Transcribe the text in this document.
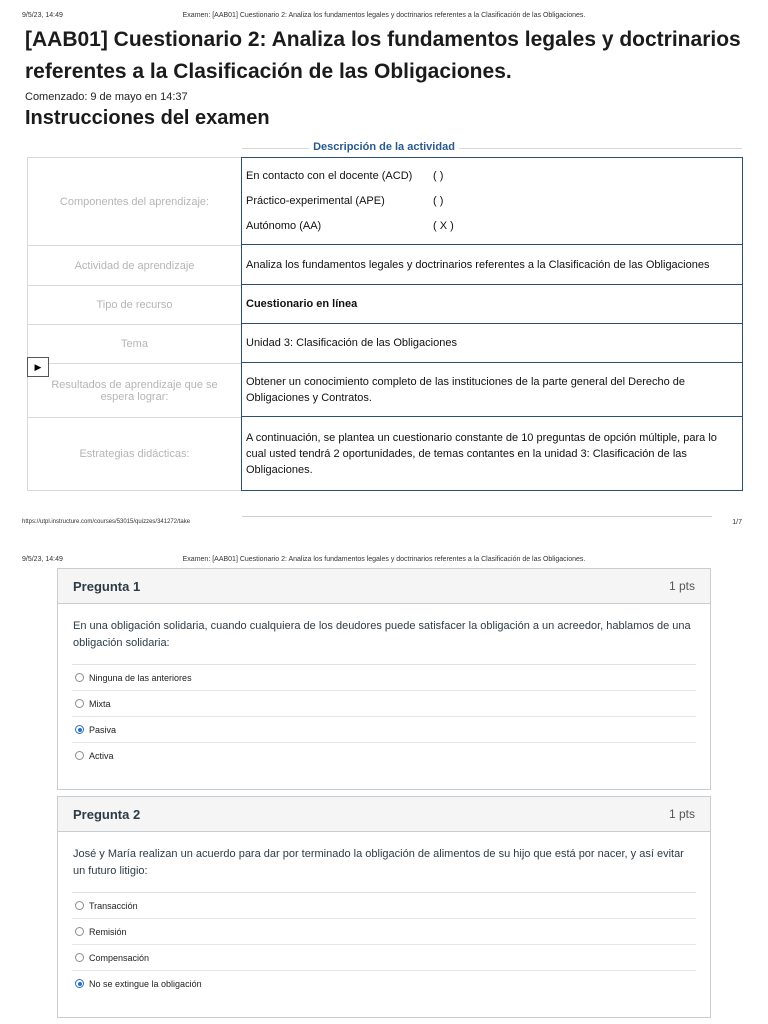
9/5/23, 14:49	Examen: [AAB01] Cuestionario 2: Analiza los fundamentos legales y doctrinarios referentes a la Clasificación de las Obligaciones.
[AAB01] Cuestionario 2: Analiza los fundamentos legales y doctrinarios referentes a la Clasificación de las Obligaciones.
Comenzado: 9 de mayo en 14:37
Instrucciones del examen
Descripción de la actividad
Componentes del aprendizaje:
En contacto con el docente (ACD)	( )
Práctico-experimental (APE)	( )
Autónomo (AA)	( X )
Actividad de aprendizaje	Analiza los fundamentos legales y doctrinarios referentes a la Clasificación de las Obligaciones
Tipo de recurso	Cuestionario en línea
Tema	Unidad 3: Clasificación de las Obligaciones
Resultados de aprendizaje que se espera lograr:
Obtener un conocimiento completo de las instituciones de la parte general del Derecho de Obligaciones y Contratos.
Estrategias didácticas:
A continuación, se plantea un cuestionario constante de 10 preguntas de opción múltiple, para lo cual usted tendrá 2 oportunidades, de temas contantes en la unidad 3: Clasificación de las Obligaciones.
▶
https://utpl.instructure.com/courses/53015/quizzes/341272/take	1/7
9/5/23, 14:49	Examen: [AAB01] Cuestionario 2: Analiza los fundamentos legales y doctrinarios referentes a la Clasificación de las Obligaciones.
Pregunta 1	1 pts
En una obligación solidaria, cuando cualquiera de los deudores puede satisfacer la obligación a un acreedor, hablamos de una obligación solidaria:
Ninguna de las anteriores
Mixta
Pasiva
Activa
Pregunta 2	1 pts
José y María realizan un acuerdo para dar por terminado la obligación de alimentos de su hijo que está por nacer, y así evitar un futuro litigio:
Transacción
Remisión
Compensación
No se extingue la obligación
